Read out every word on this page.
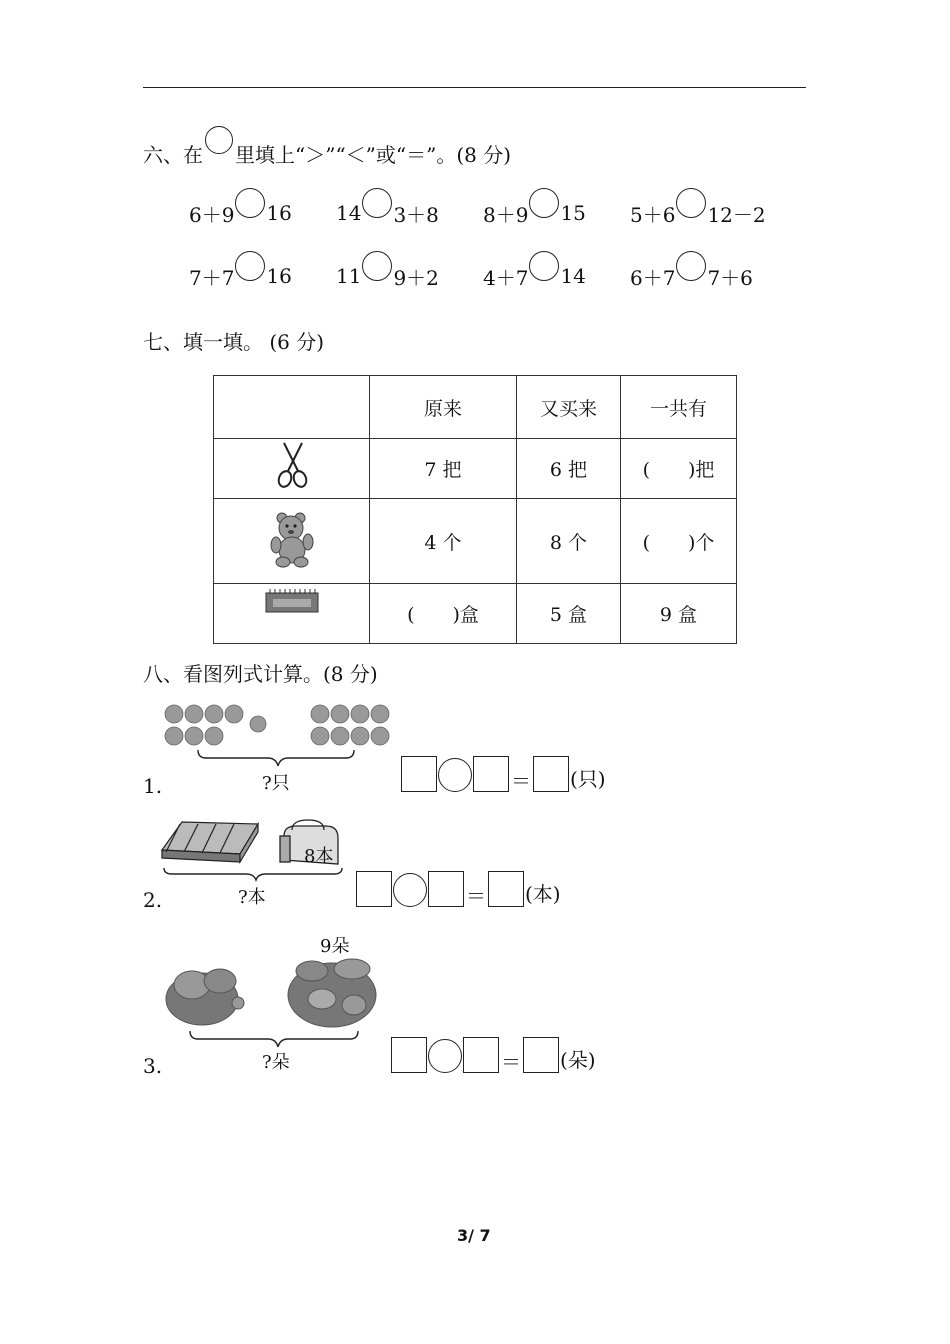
六、在 里填上“＞”“＜”或“＝”。(8 分)
6＋9 16 14 3＋8 8＋9 15 5＋6 12－2
7＋7 16 11 9＋2 4＋7 14 6＋7 7＋6
七、填一填。 (6 分)
	原来	又买来	一共有
	7 把	6 把	(　　)把
	4 个	8 个	(　　)个
	(　　)盒	5 盒	9 盒
八、看图列式计算。(8 分)
?只
1.	＝ (只)
8本
?本
2.	＝ (本)
9朵
?朵
3.	＝ (朵)
3/ 7
